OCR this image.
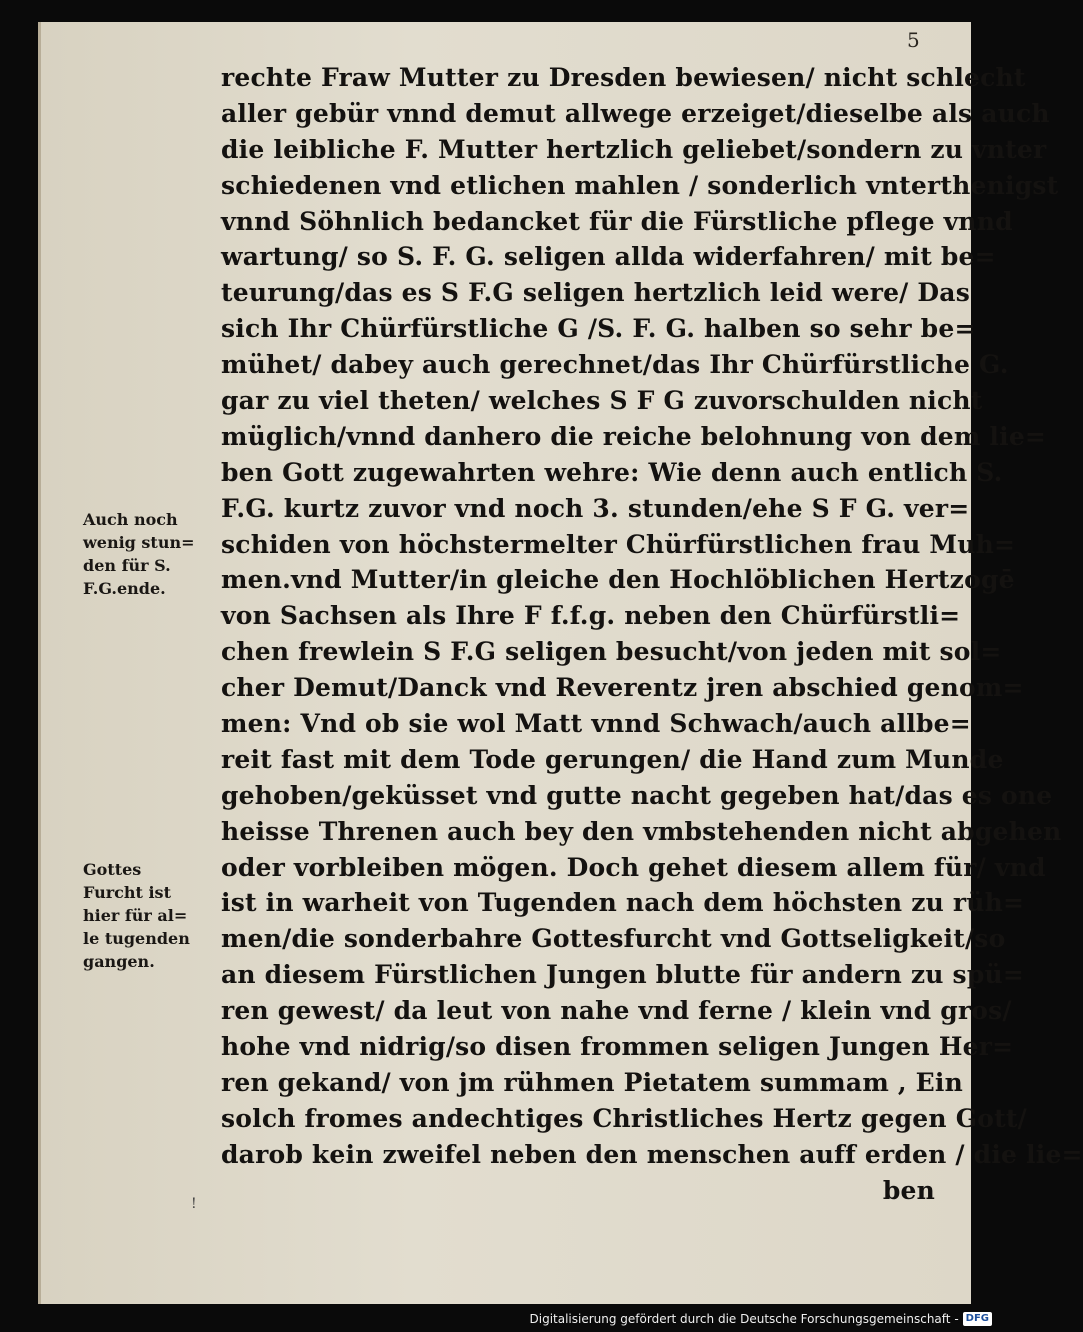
5
rechte Fraw Mutter zu Dresden bewiesen/ nicht schlecht
aller gebür vnnd demut allwege erzeiget/dieselbe als auch
die leibliche F. Mutter hertzlich geliebet/sondern zu vnter
schiedenen vnd etlichen mahlen / sonderlich vnterthenigst
vnnd Söhnlich bedancket für die Fürstliche pflege vnnd
wartung/ so S. F. G. seligen allda widerfahren/ mit be=
teurung/das es S F.G seligen hertzlich leid were/ Das
sich Ihr Chürfürstliche G /S. F. G. halben so sehr be=
mühet/ dabey auch gerechnet/das Ihr Chürfürstliche G.
gar zu viel theten/ welches S F G zuvorschulden nicht
müglich/vnnd danhero die reiche belohnung von dem lie=
ben Gott zugewahrten wehre: Wie denn auch entlich S.
F.G. kurtz zuvor vnd noch 3. stunden/ehe S F G. ver=
schiden von höchstermelter Chürfürstlichen frau Muh=
men.vnd Mutter/in gleiche den Hochlöblichen Hertzogē
von Sachsen als Ihre F f.f.g. neben den Chürfürstli=
chen frewlein S F.G seligen besucht/von jeden mit sol=
cher Demut/Danck vnd Reverentz jren abschied genom=
men: Vnd ob sie wol Matt vnnd Schwach/auch allbe=
reit fast mit dem Tode gerungen/ die Hand zum Munde
gehoben/geküsset vnd gutte nacht gegeben hat/das es one
heisse Threnen auch bey den vmbstehenden nicht abgehen
oder vorbleiben mögen. Doch gehet diesem allem für/ vnd
ist in warheit von Tugenden nach dem höchsten zu rüh=
men/die sonderbahre Gottesfurcht vnd Gottseligkeit/so
an diesem Fürstlichen Jungen blutte für andern zu spü=
ren gewest/ da leut von nahe vnd ferne / klein vnd gros/
hohe vnd nidrig/so disen frommen seligen Jungen Her=
ren gekand/ von jm rühmen Pietatem summam , Ein
solch fromes andechtiges Christliches Hertz gegen Gott/
darob kein zweifel neben den menschen auff erden / die lie=
ben
Auch noch
wenig stun=
den für S.
F.G.ende.
Gottes
Furcht ist
hier für al=
le tugenden
gangen.
!
Digitalisierung gefördert durch die Deutsche Forschungsgemeinschaft - DFG
